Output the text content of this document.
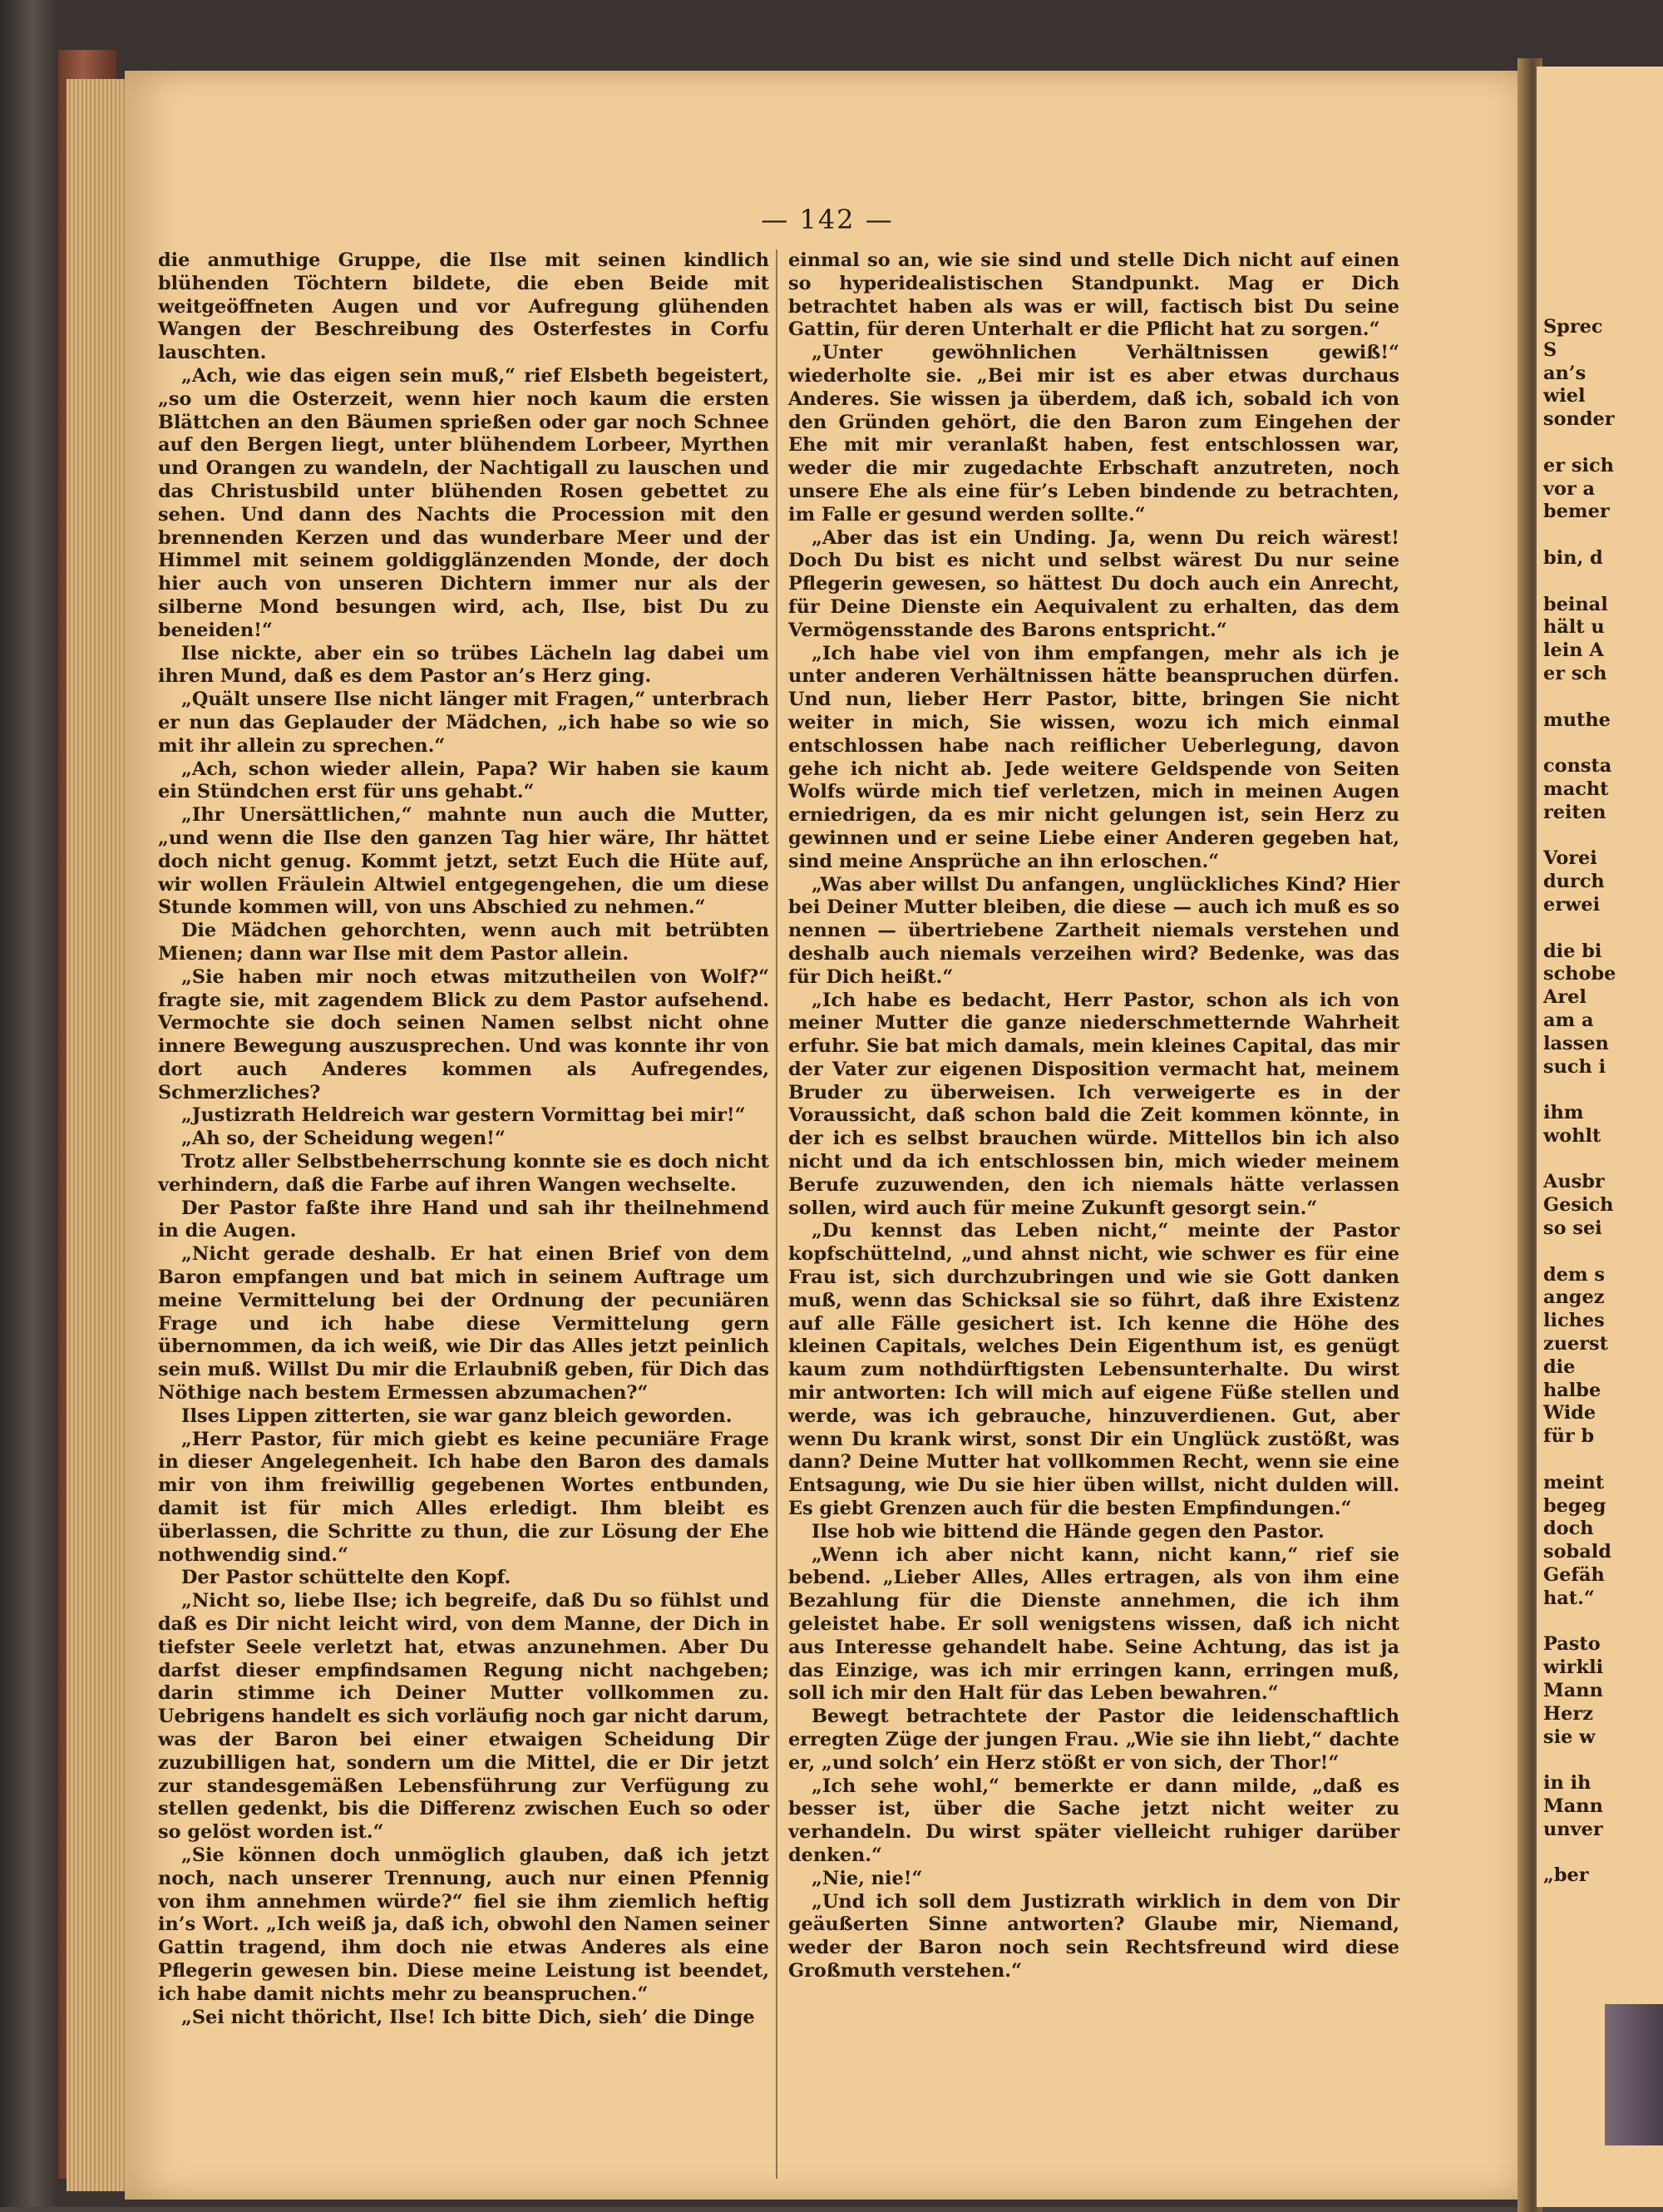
— 142 —

die anmuthige Gruppe, die Ilse mit seinen kindlich blühenden Töchtern bildete, die eben Beide mit weitgeöffneten Augen und vor Aufregung glühenden Wangen der Beschreibung des Osterfestes in Corfu lauschten.

„Ach, wie das eigen sein muß,“ rief Elsbeth begeistert, „so um die Osterzeit, wenn hier noch kaum die ersten Blättchen an den Bäumen sprießen oder gar noch Schnee auf den Bergen liegt, unter blühendem Lorbeer, Myrthen und Orangen zu wandeln, der Nachtigall zu lauschen und das Christusbild unter blühenden Rosen gebettet zu sehen. Und dann des Nachts die Procession mit den brennenden Kerzen und das wunderbare Meer und der Himmel mit seinem goldigglänzenden Monde, der doch hier auch von unseren Dichtern immer nur als der silberne Mond besungen wird, ach, Ilse, bist Du zu beneiden!“

Ilse nickte, aber ein so trübes Lächeln lag dabei um ihren Mund, daß es dem Pastor an’s Herz ging.

„Quält unsere Ilse nicht länger mit Fragen,“ unterbrach er nun das Geplauder der Mädchen, „ich habe so wie so mit ihr allein zu sprechen.“

„Ach, schon wieder allein, Papa? Wir haben sie kaum ein Stündchen erst für uns gehabt.“

„Ihr Unersättlichen,“ mahnte nun auch die Mutter, „und wenn die Ilse den ganzen Tag hier wäre, Ihr hättet doch nicht genug. Kommt jetzt, setzt Euch die Hüte auf, wir wollen Fräulein Altwiel entgegengehen, die um diese Stunde kommen will, von uns Abschied zu nehmen.“

Die Mädchen gehorchten, wenn auch mit betrübten Mienen; dann war Ilse mit dem Pastor allein.

„Sie haben mir noch etwas mitzutheilen von Wolf?“ fragte sie, mit zagendem Blick zu dem Pastor aufsehend. Vermochte sie doch seinen Namen selbst nicht ohne innere Bewegung auszusprechen. Und was konnte ihr von dort auch Anderes kommen als Aufregendes, Schmerzliches?

„Justizrath Heldreich war gestern Vormittag bei mir!“

„Ah so, der Scheidung wegen!“

Trotz aller Selbstbeherrschung konnte sie es doch nicht verhindern, daß die Farbe auf ihren Wangen wechselte.

Der Pastor faßte ihre Hand und sah ihr theilnehmend in die Augen.

„Nicht gerade deshalb. Er hat einen Brief von dem Baron empfangen und bat mich in seinem Auftrage um meine Vermittelung bei der Ordnung der pecuniären Frage und ich habe diese Vermittelung gern übernommen, da ich weiß, wie Dir das Alles jetzt peinlich sein muß. Willst Du mir die Erlaubniß geben, für Dich das Nöthige nach bestem Ermessen abzumachen?“

Ilses Lippen zitterten, sie war ganz bleich geworden.

„Herr Pastor, für mich giebt es keine pecuniäre Frage in dieser Angelegenheit. Ich habe den Baron des damals mir von ihm freiwillig gegebenen Wortes entbunden, damit ist für mich Alles erledigt. Ihm bleibt es überlassen, die Schritte zu thun, die zur Lösung der Ehe nothwendig sind.“

Der Pastor schüttelte den Kopf.

„Nicht so, liebe Ilse; ich begreife, daß Du so fühlst und daß es Dir nicht leicht wird, von dem Manne, der Dich in tiefster Seele verletzt hat, etwas anzunehmen. Aber Du darfst dieser empfindsamen Regung nicht nachgeben; darin stimme ich Deiner Mutter vollkommen zu. Uebrigens handelt es sich vorläufig noch gar nicht darum, was der Baron bei einer etwaigen Scheidung Dir zuzubilligen hat, sondern um die Mittel, die er Dir jetzt zur standesgemäßen Lebensführung zur Verfügung zu stellen gedenkt, bis die Differenz zwischen Euch so oder so gelöst worden ist.“

„Sie können doch unmöglich glauben, daß ich jetzt noch, nach unserer Trennung, auch nur einen Pfennig von ihm annehmen würde?“ fiel sie ihm ziemlich heftig in’s Wort. „Ich weiß ja, daß ich, obwohl den Namen seiner Gattin tragend, ihm doch nie etwas Anderes als eine Pflegerin gewesen bin. Diese meine Leistung ist beendet, ich habe damit nichts mehr zu beanspruchen.“

„Sei nicht thöricht, Ilse! Ich bitte Dich, sieh’ die Dinge

einmal so an, wie sie sind und stelle Dich nicht auf einen so hyperidealistischen Standpunkt. Mag er Dich betrachtet haben als was er will, factisch bist Du seine Gattin, für deren Unterhalt er die Pflicht hat zu sorgen.“

„Unter gewöhnlichen Verhältnissen gewiß!“ wiederholte sie. „Bei mir ist es aber etwas durchaus Anderes. Sie wissen ja überdem, daß ich, sobald ich von den Gründen gehört, die den Baron zum Eingehen der Ehe mit mir veranlaßt haben, fest entschlossen war, weder die mir zugedachte Erbschaft anzutreten, noch unsere Ehe als eine für’s Leben bindende zu betrachten, im Falle er gesund werden sollte.“

„Aber das ist ein Unding. Ja, wenn Du reich wärest! Doch Du bist es nicht und selbst wärest Du nur seine Pflegerin gewesen, so hättest Du doch auch ein Anrecht, für Deine Dienste ein Aequivalent zu erhalten, das dem Vermögensstande des Barons entspricht.“

„Ich habe viel von ihm empfangen, mehr als ich je unter anderen Verhältnissen hätte beanspruchen dürfen. Und nun, lieber Herr Pastor, bitte, bringen Sie nicht weiter in mich, Sie wissen, wozu ich mich einmal entschlossen habe nach reiflicher Ueberlegung, davon gehe ich nicht ab. Jede weitere Geldspende von Seiten Wolfs würde mich tief verletzen, mich in meinen Augen erniedrigen, da es mir nicht gelungen ist, sein Herz zu gewinnen und er seine Liebe einer Anderen gegeben hat, sind meine Ansprüche an ihn erloschen.“

„Was aber willst Du anfangen, unglückliches Kind? Hier bei Deiner Mutter bleiben, die diese — auch ich muß es so nennen — übertriebene Zartheit niemals verstehen und deshalb auch niemals verzeihen wird? Bedenke, was das für Dich heißt.“

„Ich habe es bedacht, Herr Pastor, schon als ich von meiner Mutter die ganze niederschmetternde Wahrheit erfuhr. Sie bat mich damals, mein kleines Capital, das mir der Vater zur eigenen Disposition vermacht hat, meinem Bruder zu überweisen. Ich verweigerte es in der Voraussicht, daß schon bald die Zeit kommen könnte, in der ich es selbst brauchen würde. Mittellos bin ich also nicht und da ich entschlossen bin, mich wieder meinem Berufe zuzuwenden, den ich niemals hätte verlassen sollen, wird auch für meine Zukunft gesorgt sein.“

„Du kennst das Leben nicht,“ meinte der Pastor kopfschüttelnd, „und ahnst nicht, wie schwer es für eine Frau ist, sich durchzubringen und wie sie Gott danken muß, wenn das Schicksal sie so führt, daß ihre Existenz auf alle Fälle gesichert ist. Ich kenne die Höhe des kleinen Capitals, welches Dein Eigenthum ist, es genügt kaum zum nothdürftigsten Lebensunterhalte. Du wirst mir antworten: Ich will mich auf eigene Füße stellen und werde, was ich gebrauche, hinzuverdienen. Gut, aber wenn Du krank wirst, sonst Dir ein Unglück zustößt, was dann? Deine Mutter hat vollkommen Recht, wenn sie eine Entsagung, wie Du sie hier üben willst, nicht dulden will. Es giebt Grenzen auch für die besten Empfindungen.“

Ilse hob wie bittend die Hände gegen den Pastor.

„Wenn ich aber nicht kann, nicht kann,“ rief sie bebend. „Lieber Alles, Alles ertragen, als von ihm eine Bezahlung für die Dienste annehmen, die ich ihm geleistet habe. Er soll wenigstens wissen, daß ich nicht aus Interesse gehandelt habe. Seine Achtung, das ist ja das Einzige, was ich mir erringen kann, erringen muß, soll ich mir den Halt für das Leben bewahren.“

Bewegt betrachtete der Pastor die leidenschaftlich erregten Züge der jungen Frau. „Wie sie ihn liebt,“ dachte er, „und solch’ ein Herz stößt er von sich, der Thor!“

„Ich sehe wohl,“ bemerkte er dann milde, „daß es besser ist, über die Sache jetzt nicht weiter zu verhandeln. Du wirst später vielleicht ruhiger darüber denken.“

„Nie, nie!“

„Und ich soll dem Justizrath wirklich in dem von Dir geäußerten Sinne antworten? Glaube mir, Niemand, weder der Baron noch sein Rechtsfreund wird diese Großmuth verstehen.“

Sprec
S
an’s
wiel
sonder
er sich
vor a
bemer
bin, d
beinal
hält u
lein A
er sch
muthe
consta
macht
reiten
Vorei
durch
erwei
die bi
schobe
Arel
am a
lassen
such i
ihm
wohlt
Ausbr
Gesich
so sei
dem s
angez
liches
zuerst
die
halbe
Wide
für b
meint
begeg
doch
sobald
Gefäh
hat.“
Pasto
wirkli
Mann
Herz
sie w
in ih
Mann
unver
„ber
